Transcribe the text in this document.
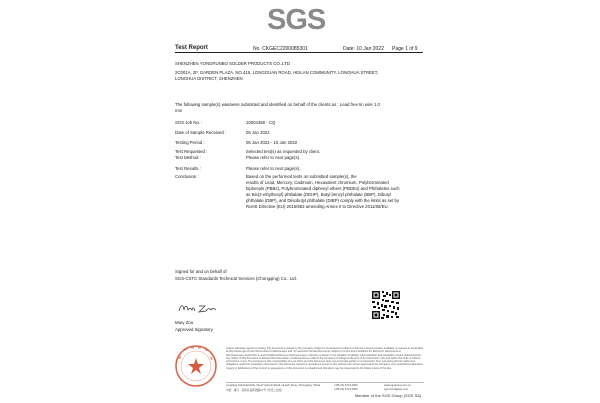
SGS
Test Report	No. CKGEC2200085301	Date: 10 Jan 2022 Page 1 of 9
SHENZHEN YONGRUNBO SOLDER PRODUCTS CO.,LTD
2C001A, 2F, GARDEN PLAZA, NO.415, LONGGUAN ROAD, HEILAN COMMUNITY, LONGHUA STREET,
LONGHUA DISTRICT, SHENZHEN
The following sample(s) was/were submitted and identified on behalf of the clients as : Lead free tin wire 1.0
mm
SGS Job No. :	10004356 - CQ
Date of Sample Received :	05 Jan 2022
Testing Period :	05 Jan 2022 - 10 Jan 2022
Test Requested :	Selected test(s) as requested by client.
Test Method :	Please refer to next page(s).
Test Results :	Please refer to next page(s).
Conclusion :	Based on the performed tests on submitted sample(s), the
results of Lead, Mercury, Cadmium, Hexavalent chromium, Polybrominated
biphenyls (PBBs), Polybrominated diphenyl ethers (PBDEs) and Phthalates such
as Bis(2-ethylhexyl) phthalate (DEHP), Butyl benzyl phthalate (BBP), Dibutyl
phthalate (DBP), and Diisobutyl phthalate (DIBP) comply with the limits as set by
RoHS Directive (EU) 2015/863 amending Annex II to Directive 2011/65/EU.
Signed for and on behalf of
SGS-CSTC Standards Technical Services (Chongqing) Co., Ltd.
Mary Zou
Approved Signatory
Unless otherwise agreed in writing, this document is issued by the Company subject to its General Conditions of Service printed overleaf, available on request or accessible at http://www.sgs.com/en/Terms-and-Conditions.aspx and, for electronic format documents, subject to Terms and Conditions for Electronic Documents at http://www.sgs.com/en/Terms-and-Conditions/Terms-e-Document.aspx. Attention is drawn to the limitation of liability, indemnification and jurisdiction issues defined therein. Any holder of this document is advised that information contained hereon reflects the Company's findings at the time of its intervention only and within the limits of Client's instructions, if any. The Company's sole responsibility is to its Client and this document does not exonerate parties to a transaction from exercising all their rights and obligations under the transaction documents. This document cannot be reproduced except in full, without prior written approval of the Company. Any unauthorized alteration, forgery or falsification of the content or appearance of this document is unlawful and offenders may be prosecuted to the fullest extent of the law.
Longqing Industrial Park, No.27 Gaoxin Road, Hi-tech Zone, Chongqing, China
中国 · 重庆 · 高新区高新园路27号 (龙湾工业园)
t (86-23) 6721 0000
t (86-23) 6721 0000
www.sgsgroup.com.cn
sgs.china@sgs.com
Member of the SGS Group (SGS SA)
